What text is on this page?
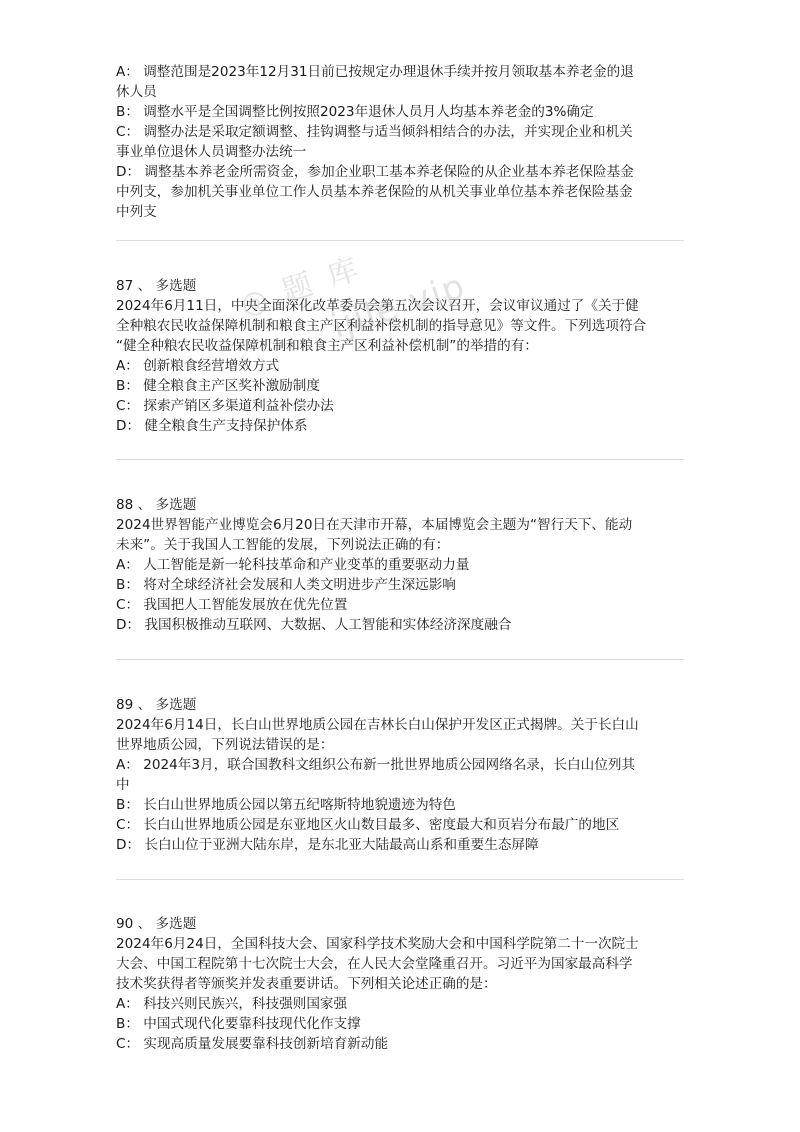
A： 调整范围是2023年12月31日前已按规定办理退休手续并按月领取基本养老金的退
休人员
B： 调整水平是全国调整比例按照2023年退休人员月人均基本养老金的3%确定
C： 调整办法是采取定额调整、挂钩调整与适当倾斜相结合的办法，并实现企业和机关
事业单位退休人员调整办法统一
D： 调整基本养老金所需资金，参加企业职工基本养老保险的从企业基本养老保险基金
中列支，参加机关事业单位工作人员基本养老保险的从机关事业单位基本养老保险基金
中列支
87 、 多选题
2024年6月11日，中央全面深化改革委员会第五次会议召开，会议审议通过了《关于健
全种粮农民收益保障机制和粮食主产区利益补偿机制的指导意见》等文件。下列选项符合
“健全种粮农民收益保障机制和粮食主产区利益补偿机制”的举措的有：
A： 创新粮食经营增效方式
B： 健全粮食主产区奖补激励制度
C： 探索产销区多渠道利益补偿办法
D： 健全粮食生产支持保护体系
88 、 多选题
2024世界智能产业博览会6月20日在天津市开幕，本届博览会主题为“智行天下、能动
未来”。关于我国人工智能的发展，下列说法正确的有：
A： 人工智能是新一轮科技革命和产业变革的重要驱动力量
B： 将对全球经济社会发展和人类文明进步产生深远影响
C： 我国把人工智能发展放在优先位置
D： 我国积极推动互联网、大数据、人工智能和实体经济深度融合
89 、 多选题
2024年6月14日，长白山世界地质公园在吉林长白山保护开发区正式揭牌。关于长白山
世界地质公园，下列说法错误的是：
A： 2024年3月，联合国教科文组织公布新一批世界地质公园网络名录，长白山位列其
中
B： 长白山世界地质公园以第五纪喀斯特地貌遗迹为特色
C： 长白山世界地质公园是东亚地区火山数目最多、密度最大和页岩分布最广的地区
D： 长白山位于亚洲大陆东岸，是东北亚大陆最高山系和重要生态屏障
90 、 多选题
2024年6月24日，全国科技大会、国家科学技术奖励大会和中国科学院第二十一次院士
大会、中国工程院第十七次院士大会，在人民大会堂隆重召开。习近平为国家最高科学
技术奖获得者等颁奖并发表重要讲话。下列相关论述正确的是：
A： 科技兴则民族兴，科技强则国家强
B： 中国式现代化要靠科技现代化作支撑
C： 实现高质量发展要靠科技创新培育新动能
◎ 题 库
ijile vip
